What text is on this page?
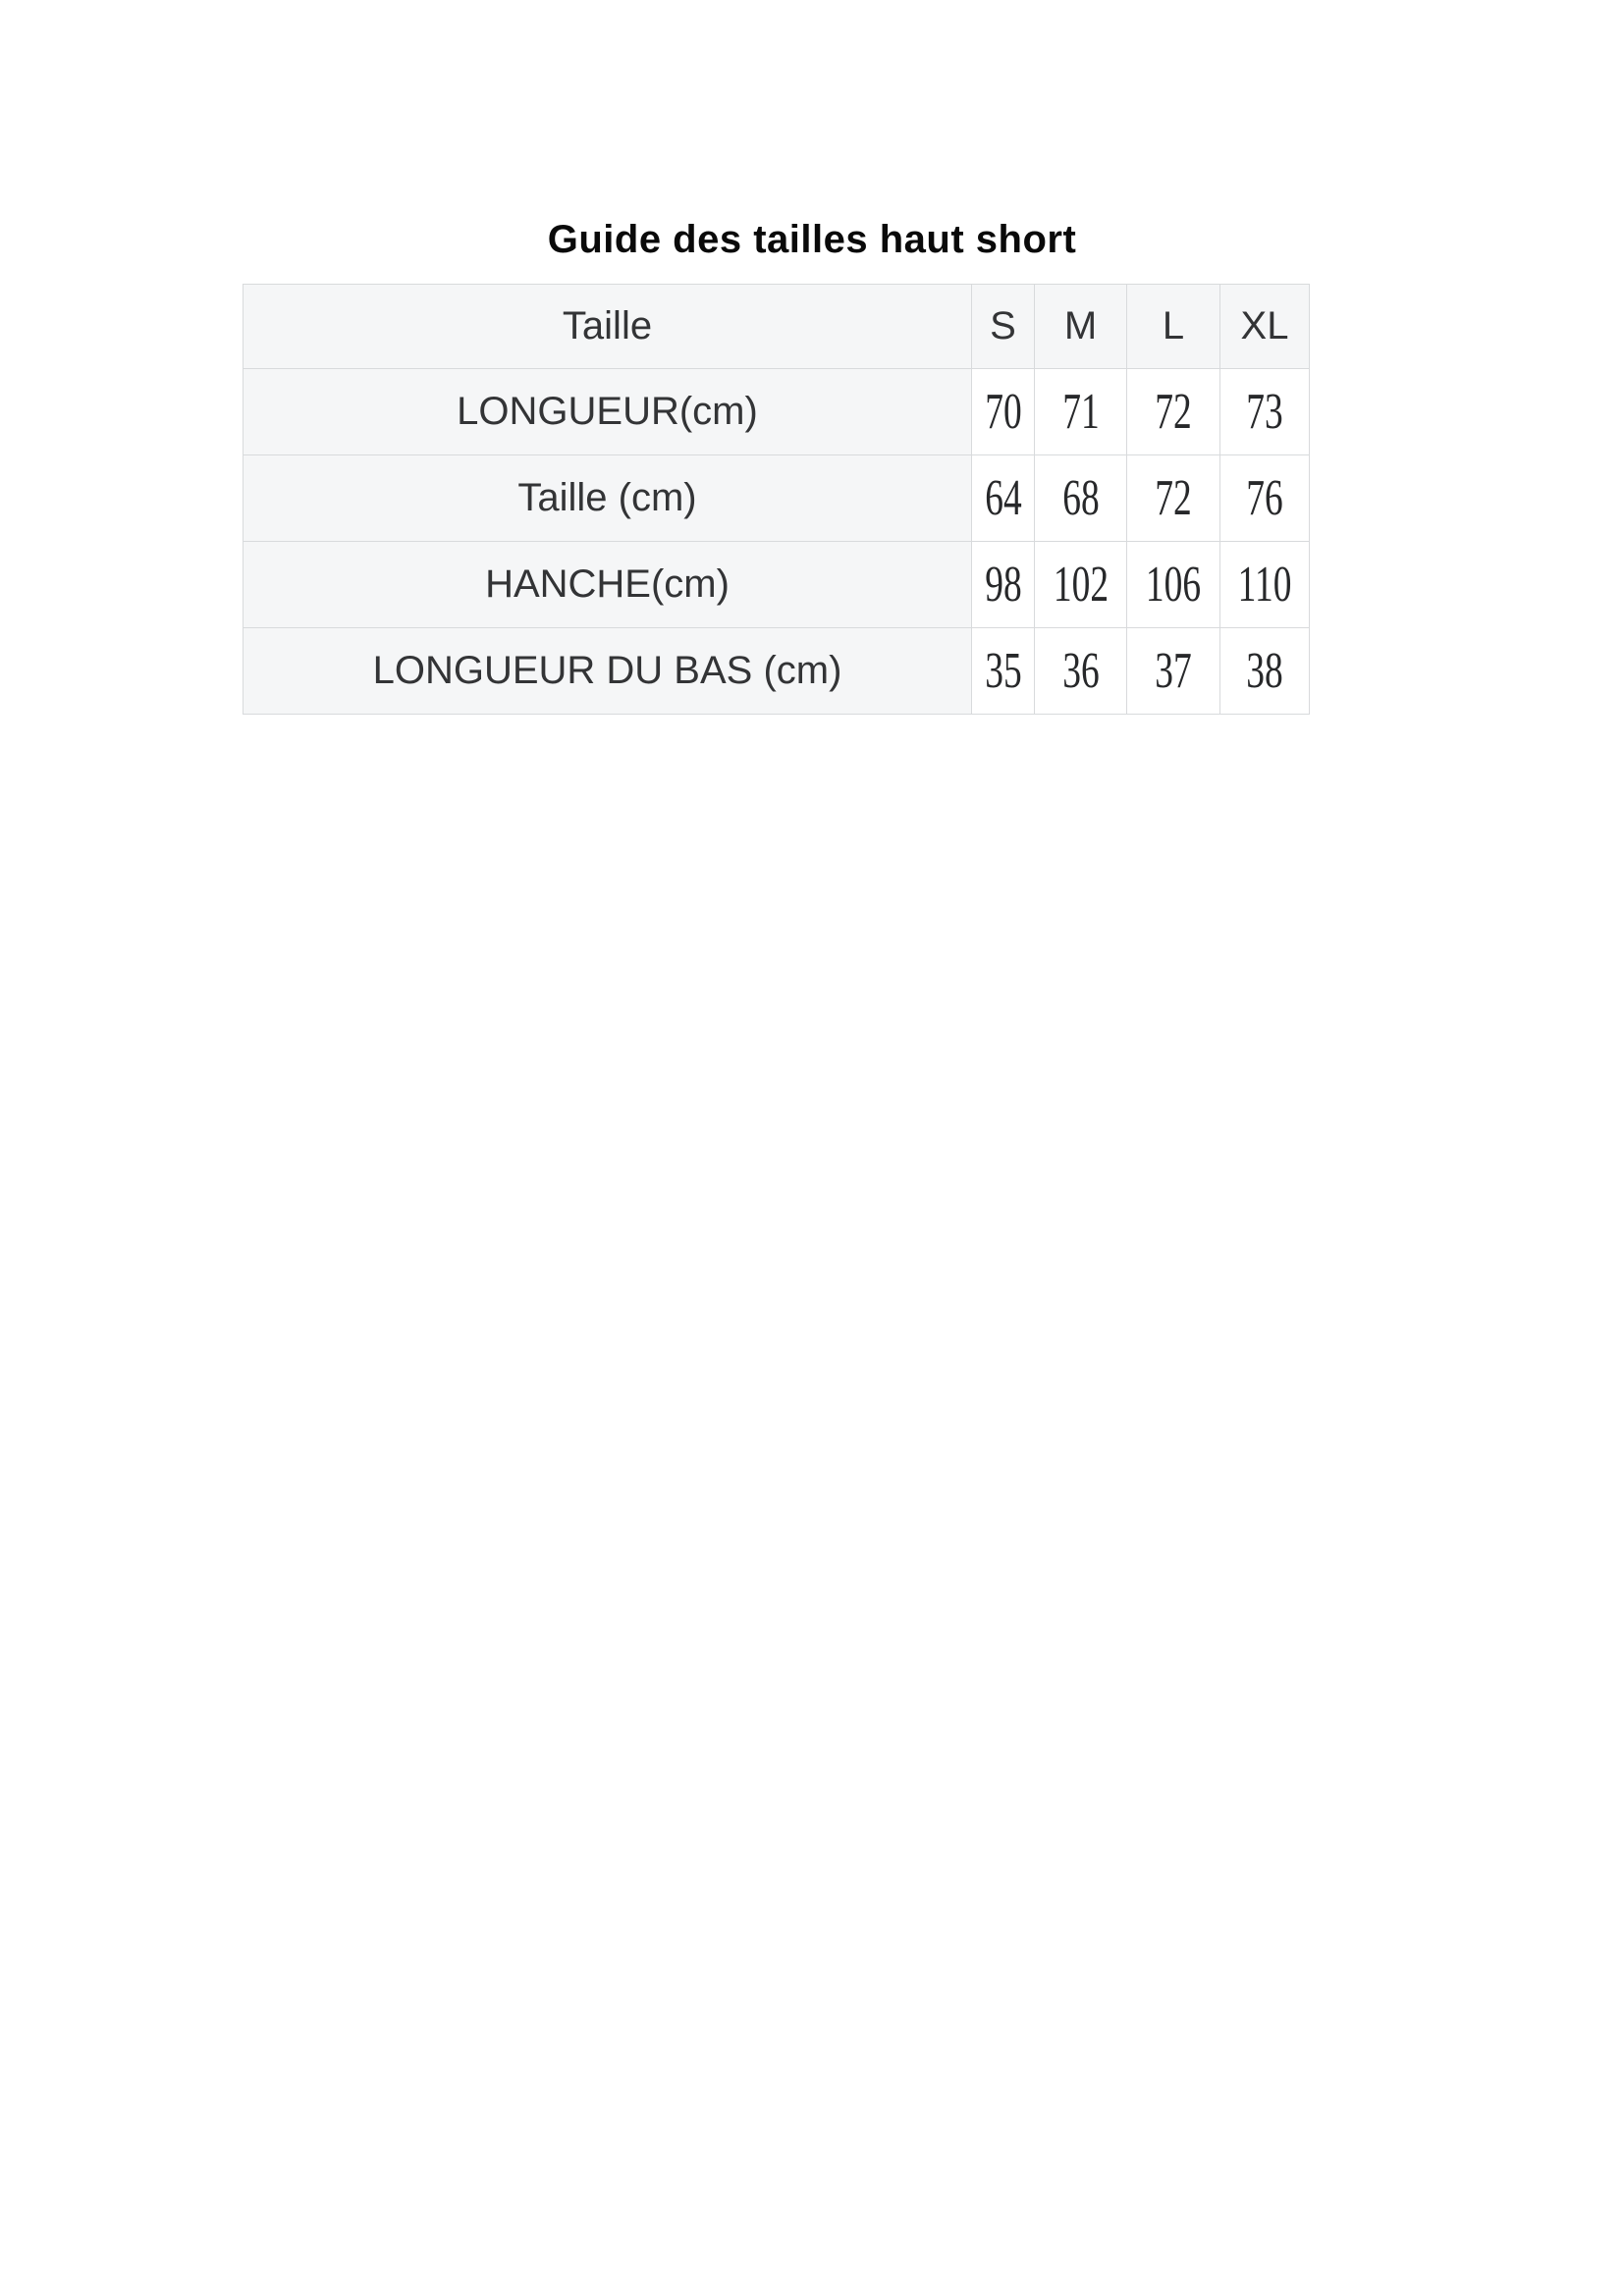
Guide des tailles haut short
Taille	S	M	L	XL
LONGUEUR(cm)	70	71	72	73
Taille (cm)	64	68	72	76
HANCHE(cm)	98	102	106	110
LONGUEUR DU BAS (cm)	35	36	37	38
